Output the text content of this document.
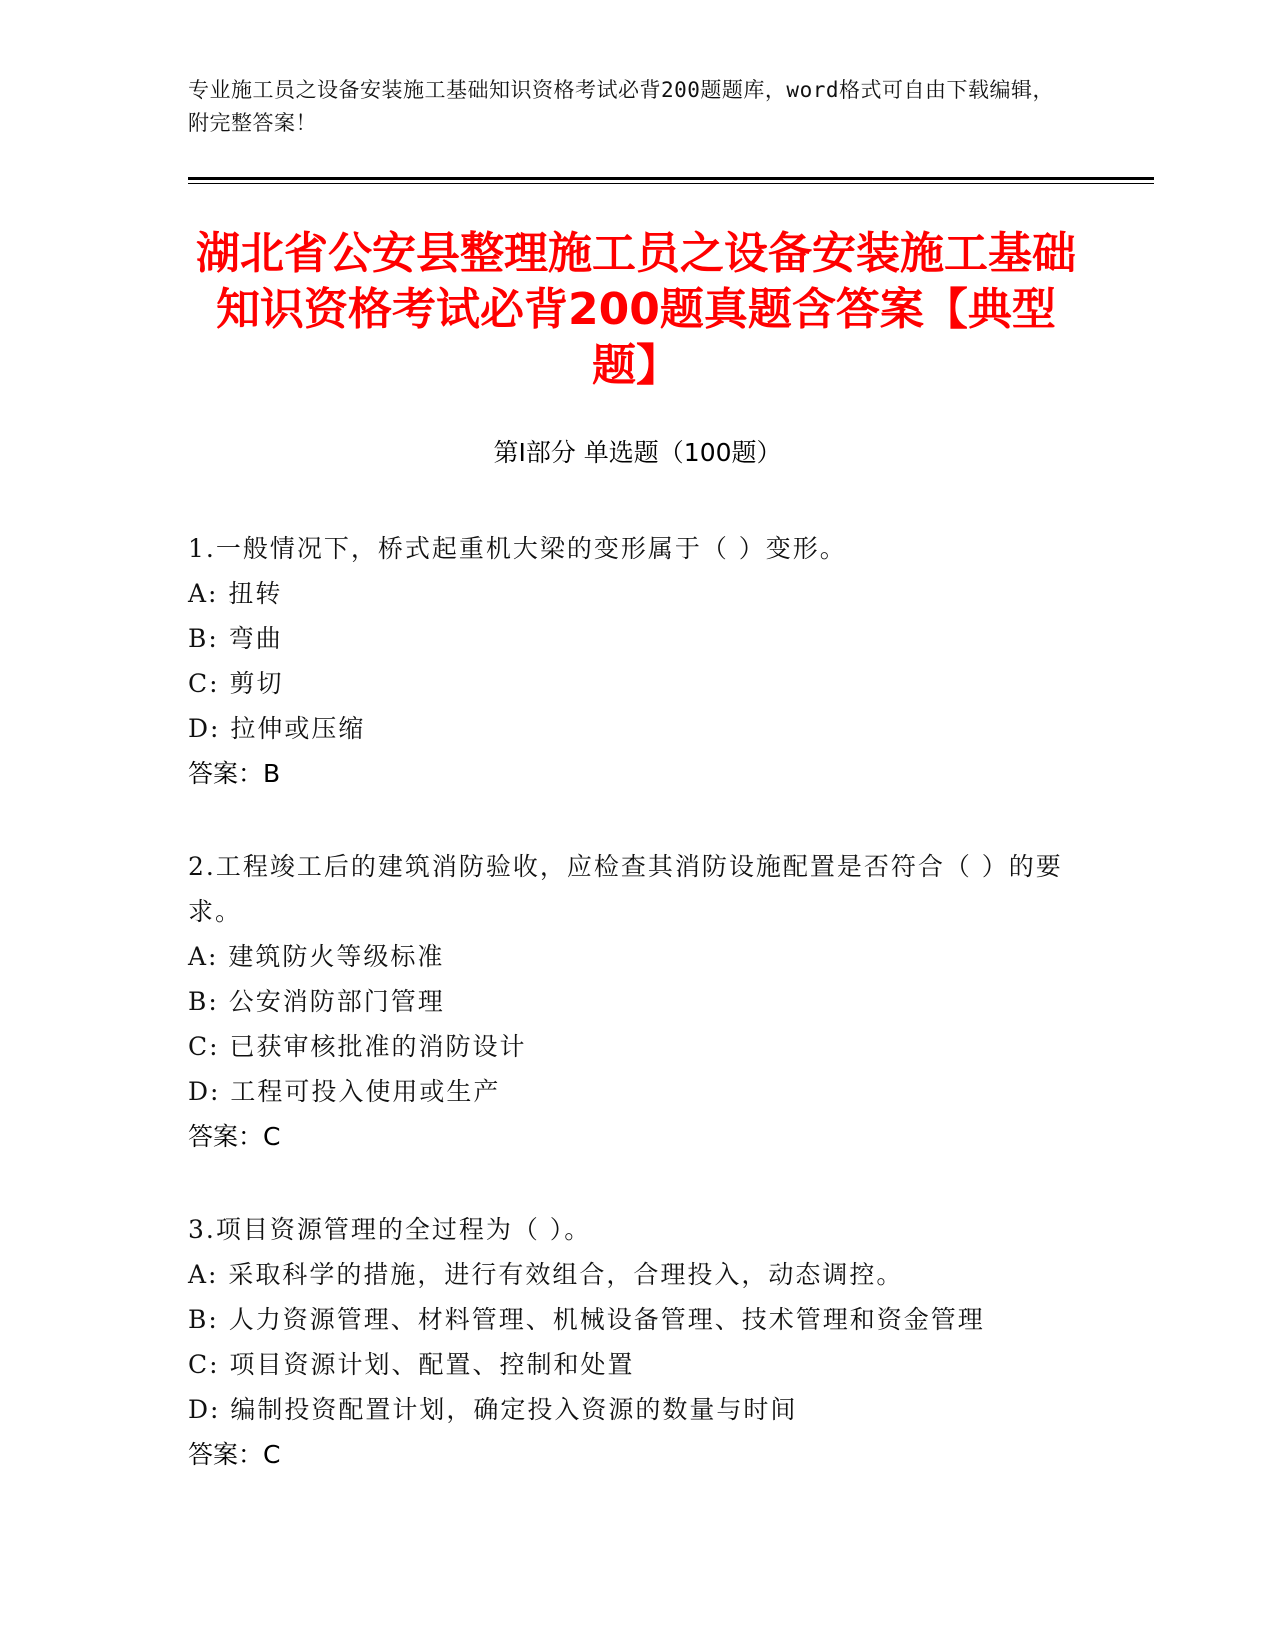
专业施工员之设备安装施工基础知识资格考试必背200题题库，word格式可自由下载编辑，附完整答案！
湖北省公安县整理施工员之设备安装施工基础知识资格考试必背200题真题含答案【典型题】
第I部分 单选题（100题）
1.一般情况下，桥式起重机大梁的变形属于（ ）变形。
A: 扭转
B: 弯曲
C: 剪切
D: 拉伸或压缩
答案：B
2.工程竣工后的建筑消防验收，应检查其消防设施配置是否符合（ ）的要求。
A: 建筑防火等级标准
B: 公安消防部门管理
C: 已获审核批准的消防设计
D: 工程可投入使用或生产
答案：C
3.项目资源管理的全过程为（ ）。
A: 采取科学的措施，进行有效组合，合理投入，动态调控。
B: 人力资源管理、材料管理、机械设备管理、技术管理和资金管理
C: 项目资源计划、配置、控制和处置
D: 编制投资配置计划，确定投入资源的数量与时间
答案：C
